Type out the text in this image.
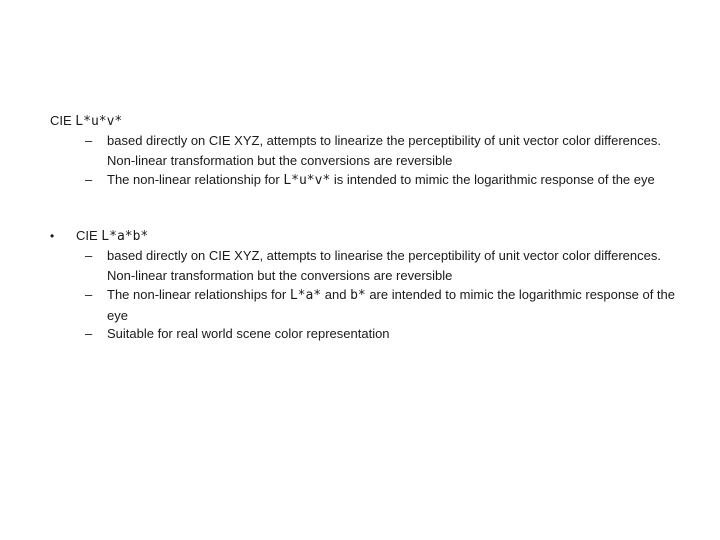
CIE L*u*v*
– based directly on CIE XYZ, attempts to linearize the perceptibility of unit vector color differences. Non-linear transformation but the conversions are reversible
– The non-linear relationship for L*u*v* is intended to mimic the logarithmic response of the eye
• CIE L*a*b*
– based directly on CIE XYZ, attempts to linearise the perceptibility of unit vector color differences. Non-linear transformation but the conversions are reversible
– The non-linear relationships for L*a* and b* are intended to mimic the logarithmic response of the eye
– Suitable for real world scene color representation
